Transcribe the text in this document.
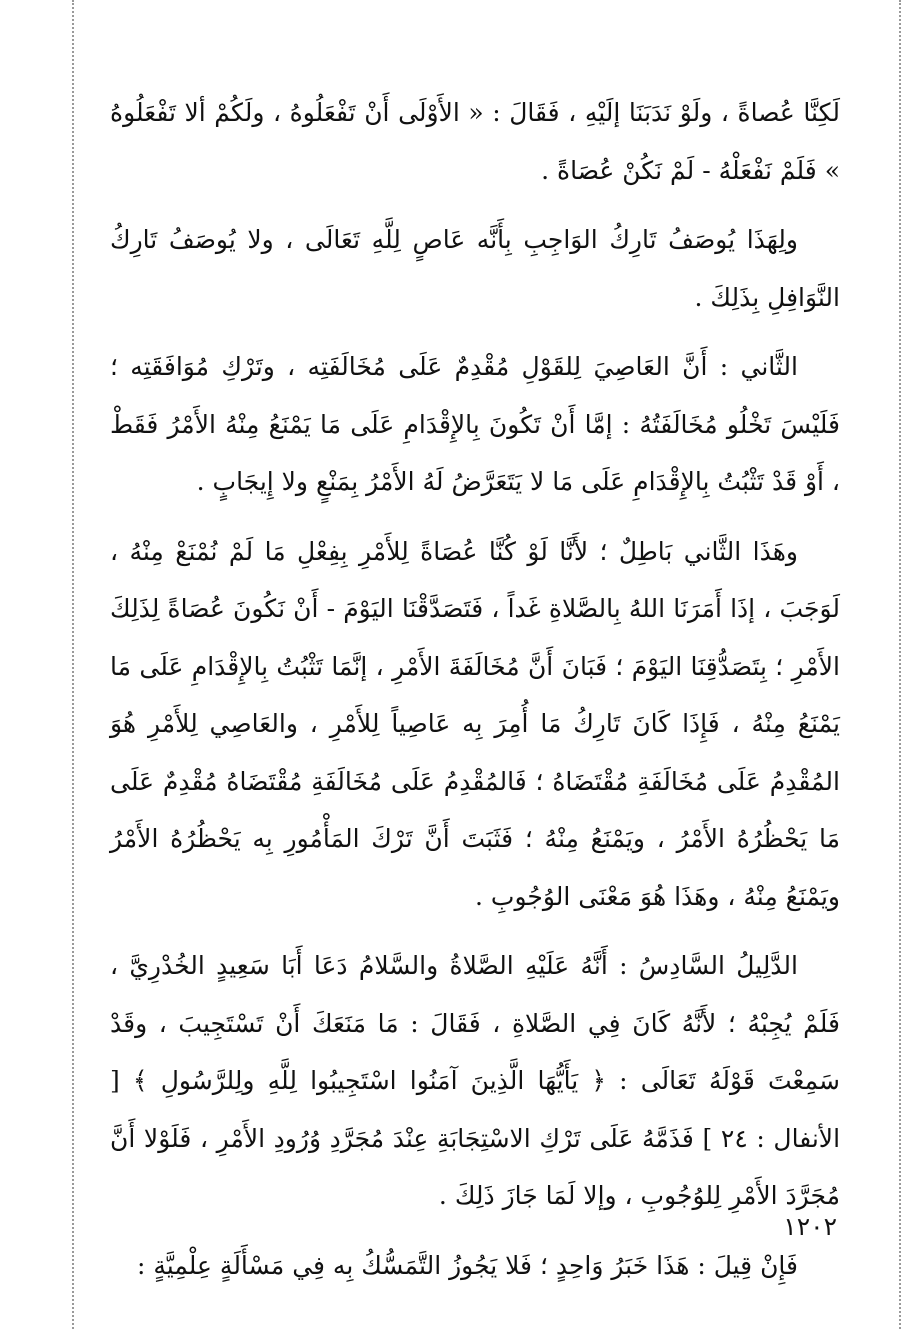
لَكِنَّا عُصاةً ، ولَوْ نَدَبَنَا إلَيْهِ ، فَقَالَ : « الأَوْلَى أَنْ تَفْعَلُوهُ ، ولَكُمْ ألا تَفْعَلُوهُ » فَلَمْ نَفْعَلْهُ - لَمْ نَكُنْ عُصَاةً .

ولِهَذَا يُوصَفُ تَارِكُ الوَاجِبِ بِأَنَّه عَاصٍ لِلَّهِ تَعَالَى ، ولا يُوصَفُ تَارِكُ النَّوَافِلِ بِذَلِكَ .

الثَّاني : أَنَّ العَاصِيَ لِلقَوْلِ مُقْدِمٌ عَلَى مُخَالَفَتِه ، وتَرْكِ مُوَافَقَتِه ؛ فَلَيْسَ تَخْلُو مُخَالَفَتُهُ : إمَّا أَنْ تَكُونَ بِالإِقْدَامِ عَلَى مَا يَمْنَعُ مِنْهُ الأَمْرُ فَقَطْ ، أَوْ قَدْ تَثْبُتُ بِالإِقْدَامِ عَلَى مَا لا يَتَعَرَّضُ لَهُ الأَمْرُ بِمَنْعٍ ولا إِيجَابٍ .

وهَذَا الثَّاني بَاطِلٌ ؛ لأَنَّا لَوْ كُنَّا عُصَاةً لِلأَمْرِ بِفِعْلِ مَا لَمْ نُمْنَعْ مِنْهُ ، لَوَجَبَ ، إذَا أَمَرَنَا اللهُ بِالصَّلاةِ غَداً ، فَتَصَدَّقْنَا اليَوْمَ - أَنْ نَكُونَ عُصَاةً لِذَلِكَ الأَمْرِ ؛ بِتَصَدُّقِنَا اليَوْمَ ؛ فَبَانَ أَنَّ مُخَالَفَةَ الأَمْرِ ، إنَّمَا تَثْبُتُ بِالإِقْدَامِ عَلَى مَا يَمْنَعُ مِنْهُ ، فَإِذَا كَانَ تَارِكُ مَا أُمِرَ بِه عَاصِياً لِلأَمْرِ ، والعَاصِي لِلأَمْرِ هُوَ المُقْدِمُ عَلَى مُخَالَفَةِ مُقْتَضَاهُ ؛ فَالمُقْدِمُ عَلَى مُخَالَفَةِ مُقْتَضَاهُ مُقْدِمٌ عَلَى مَا يَحْظُرُهُ الأَمْرُ ، ويَمْنَعُ مِنْهُ ؛ فَثَبَتَ أَنَّ تَرْكَ المَأْمُورِ بِه يَحْظُرُهُ الأَمْرُ ويَمْنَعُ مِنْهُ ، وهَذَا هُوَ مَعْنَى الوُجُوبِ .

الدَّلِيلُ السَّادِسُ : أَنَّهُ عَلَيْهِ الصَّلاةُ والسَّلامُ دَعَا أَبَا سَعِيدٍ الخُدْرِيَّ ، فَلَمْ يُجِبْهُ ؛ لأَنَّهُ كَانَ فِي الصَّلاةِ ، فَقَالَ : مَا مَنَعَكَ أَنْ تَسْتَجِيبَ ، وقَدْ سَمِعْتَ قَوْلَهُ تَعَالَى : ﴿ يَأَيُّهَا الَّذِينَ آمَنُوا اسْتَجِيبُوا لِلَّهِ ولِلرَّسُولِ ﴾ [ الأنفال : ٢٤ ] فَذَمَّهُ عَلَى تَرْكِ الاسْتِجَابَةِ عِنْدَ مُجَرَّدِ وُرُودِ الأَمْرِ ، فَلَوْلا أَنَّ مُجَرَّدَ الأَمْرِ لِلوُجُوبِ ، وإلا لَمَا جَازَ ذَلِكَ .

فَإِنْ قِيلَ : هَذَا خَبَرُ وَاحِدٍ ؛ فَلا يَجُوزُ التَّمَسُّكُ بِه فِي مَسْأَلَةٍ عِلْمِيَّةٍ :

١٢٠٢
